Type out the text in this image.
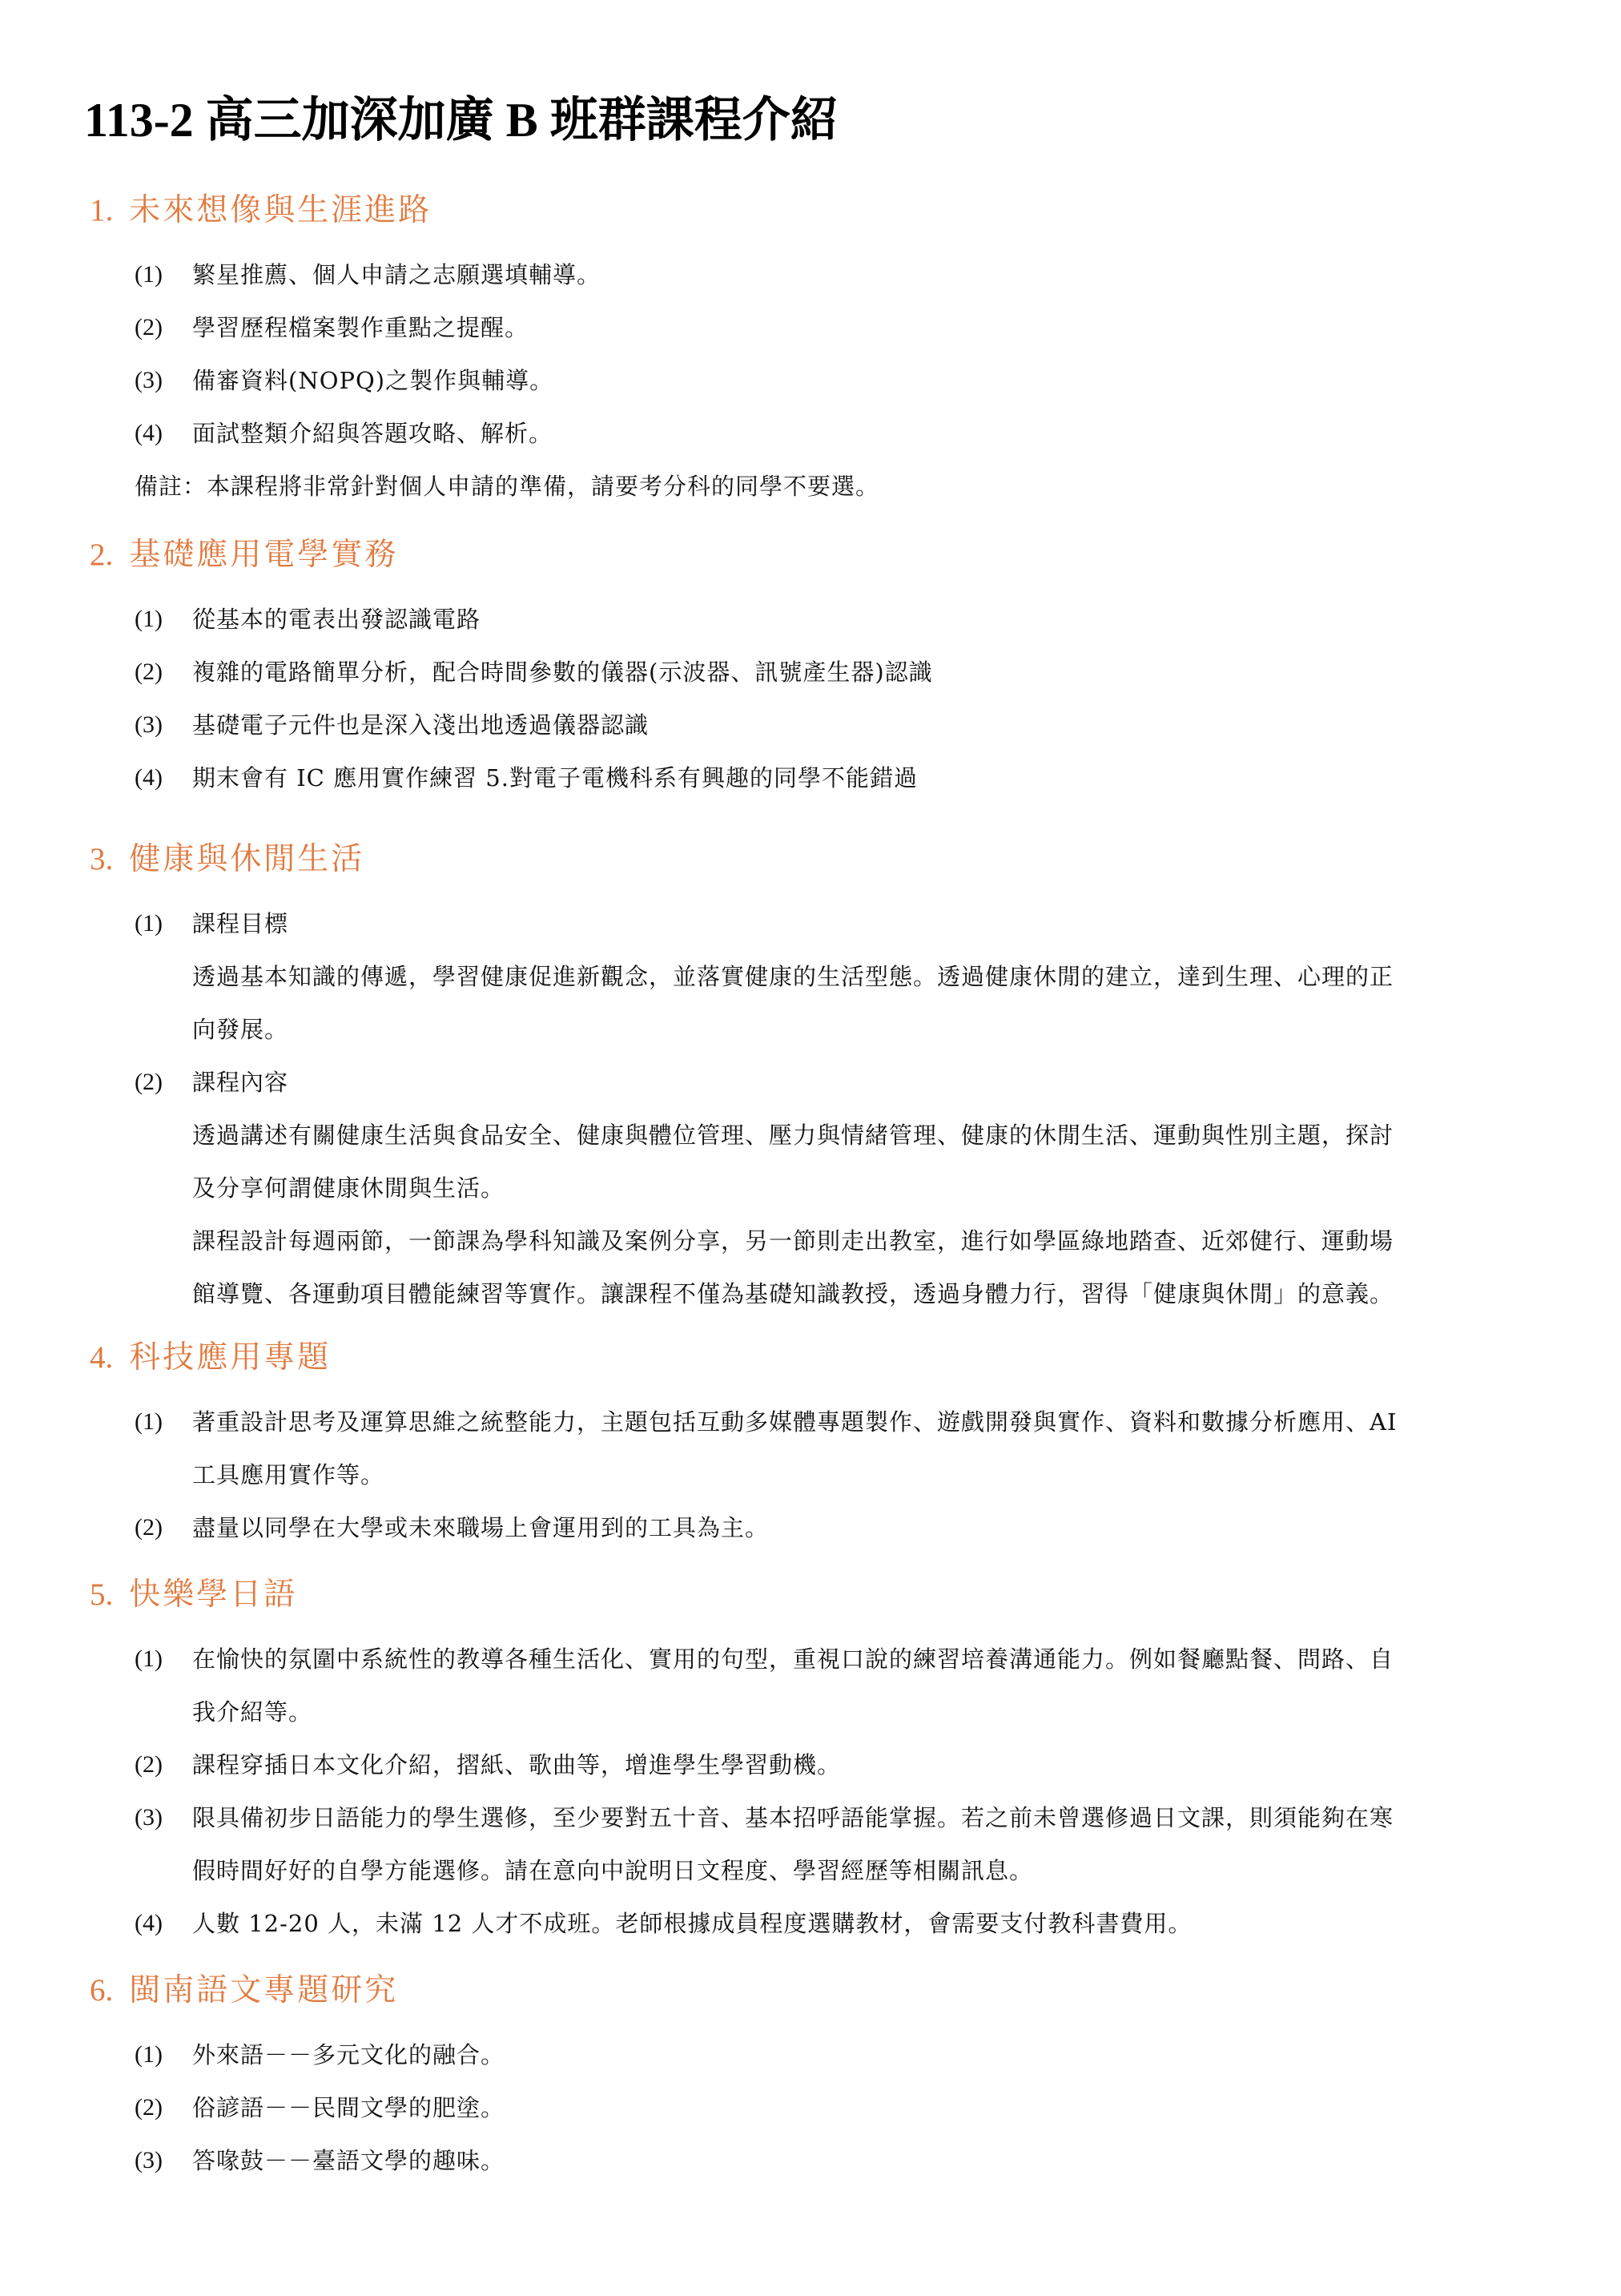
113-2 高三加深加廣 B 班群課程介紹
1. 未來想像與生涯進路
(1) 繁星推薦、個人申請之志願選填輔導。
(2) 學習歷程檔案製作重點之提醒。
(3) 備審資料(NOPQ)之製作與輔導。
(4) 面試整類介紹與答題攻略、解析。
備註：本課程將非常針對個人申請的準備，請要考分科的同學不要選。
2. 基礎應用電學實務
(1) 從基本的電表出發認識電路
(2) 複雜的電路簡單分析，配合時間參數的儀器(示波器、訊號產生器)認識
(3) 基礎電子元件也是深入淺出地透過儀器認識
(4) 期末會有 IC 應用實作練習 5.對電子電機科系有興趣的同學不能錯過
3. 健康與休閒生活
(1) 課程目標
透過基本知識的傳遞，學習健康促進新觀念，並落實健康的生活型態。透過健康休閒的建立，達到生理、心理的正
向發展。
(2) 課程內容
透過講述有關健康生活與食品安全、健康與體位管理、壓力與情緒管理、健康的休閒生活、運動與性別主題，探討
及分享何謂健康休閒與生活。
課程設計每週兩節，一節課為學科知識及案例分享，另一節則走出教室，進行如學區綠地踏查、近郊健行、運動場
館導覽、各運動項目體能練習等實作。讓課程不僅為基礎知識教授，透過身體力行，習得「健康與休閒」的意義。
4. 科技應用專題
(1) 著重設計思考及運算思維之統整能力，主題包括互動多媒體專題製作、遊戲開發與實作、資料和數據分析應用、AI
工具應用實作等。
(2) 盡量以同學在大學或未來職場上會運用到的工具為主。
5. 快樂學日語
(1) 在愉快的氛圍中系統性的教導各種生活化、實用的句型，重視口說的練習培養溝通能力。例如餐廳點餐、問路、自
我介紹等。
(2) 課程穿插日本文化介紹，摺紙、歌曲等，增進學生學習動機。
(3) 限具備初步日語能力的學生選修，至少要對五十音、基本招呼語能掌握。若之前未曾選修過日文課，則須能夠在寒
假時間好好的自學方能選修。請在意向中說明日文程度、學習經歷等相關訊息。
(4) 人數 12-20 人，未滿 12 人才不成班。老師根據成員程度選購教材，會需要支付教科書費用。
6. 閩南語文專題研究
(1) 外來語－－多元文化的融合。
(2) 俗諺語－－民間文學的肥塗。
(3) 答喙鼓－－臺語文學的趣味。
